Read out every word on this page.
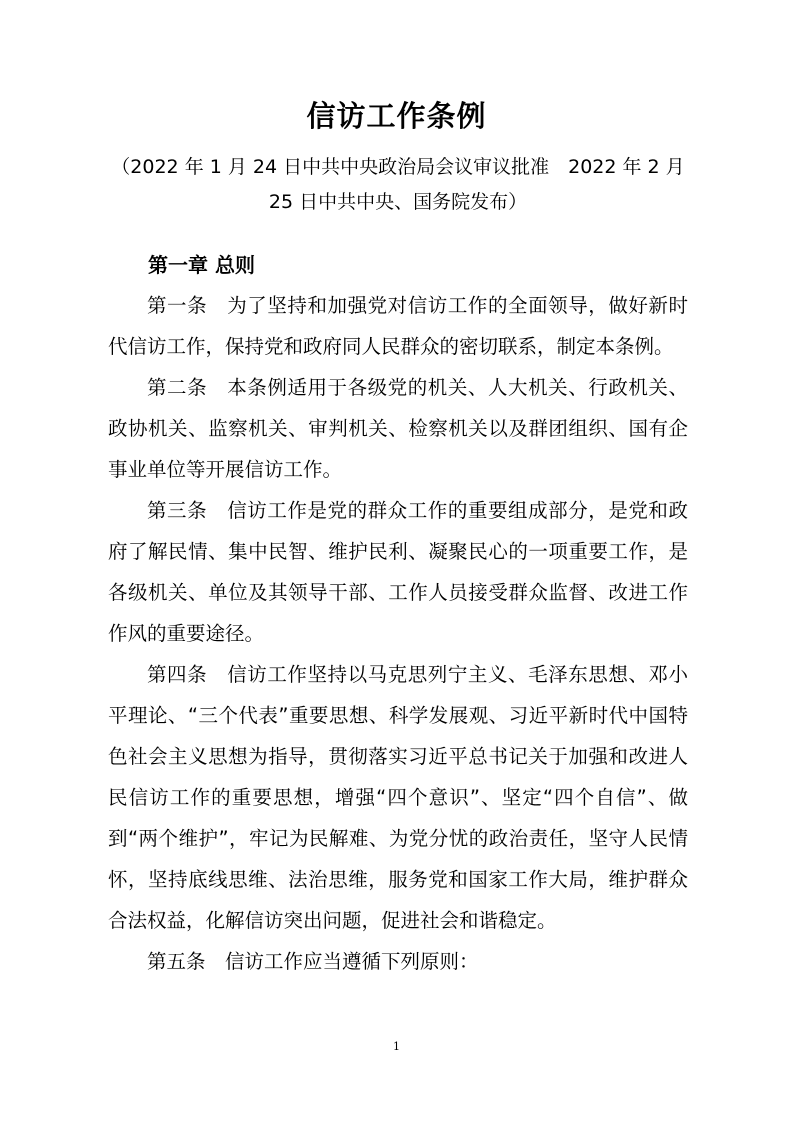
信访工作条例
（2022 年 1 月 24 日中共中央政治局会议审议批准　2022 年 2 月 25 日中共中央、国务院发布）
第一章 总则

第一条　为了坚持和加强党对信访工作的全面领导，做好新时代信访工作，保持党和政府同人民群众的密切联系，制定本条例。

第二条　本条例适用于各级党的机关、人大机关、行政机关、政协机关、监察机关、审判机关、检察机关以及群团组织、国有企事业单位等开展信访工作。

第三条　信访工作是党的群众工作的重要组成部分，是党和政府了解民情、集中民智、维护民利、凝聚民心的一项重要工作，是各级机关、单位及其领导干部、工作人员接受群众监督、改进工作作风的重要途径。

第四条　信访工作坚持以马克思列宁主义、毛泽东思想、邓小平理论、“三个代表”重要思想、科学发展观、习近平新时代中国特色社会主义思想为指导，贯彻落实习近平总书记关于加强和改进人民信访工作的重要思想，增强“四个意识”、坚定“四个自信”、做到“两个维护”，牢记为民解难、为党分忧的政治责任，坚守人民情怀，坚持底线思维、法治思维，服务党和国家工作大局，维护群众合法权益，化解信访突出问题，促进社会和谐稳定。

第五条　信访工作应当遵循下列原则：

1
